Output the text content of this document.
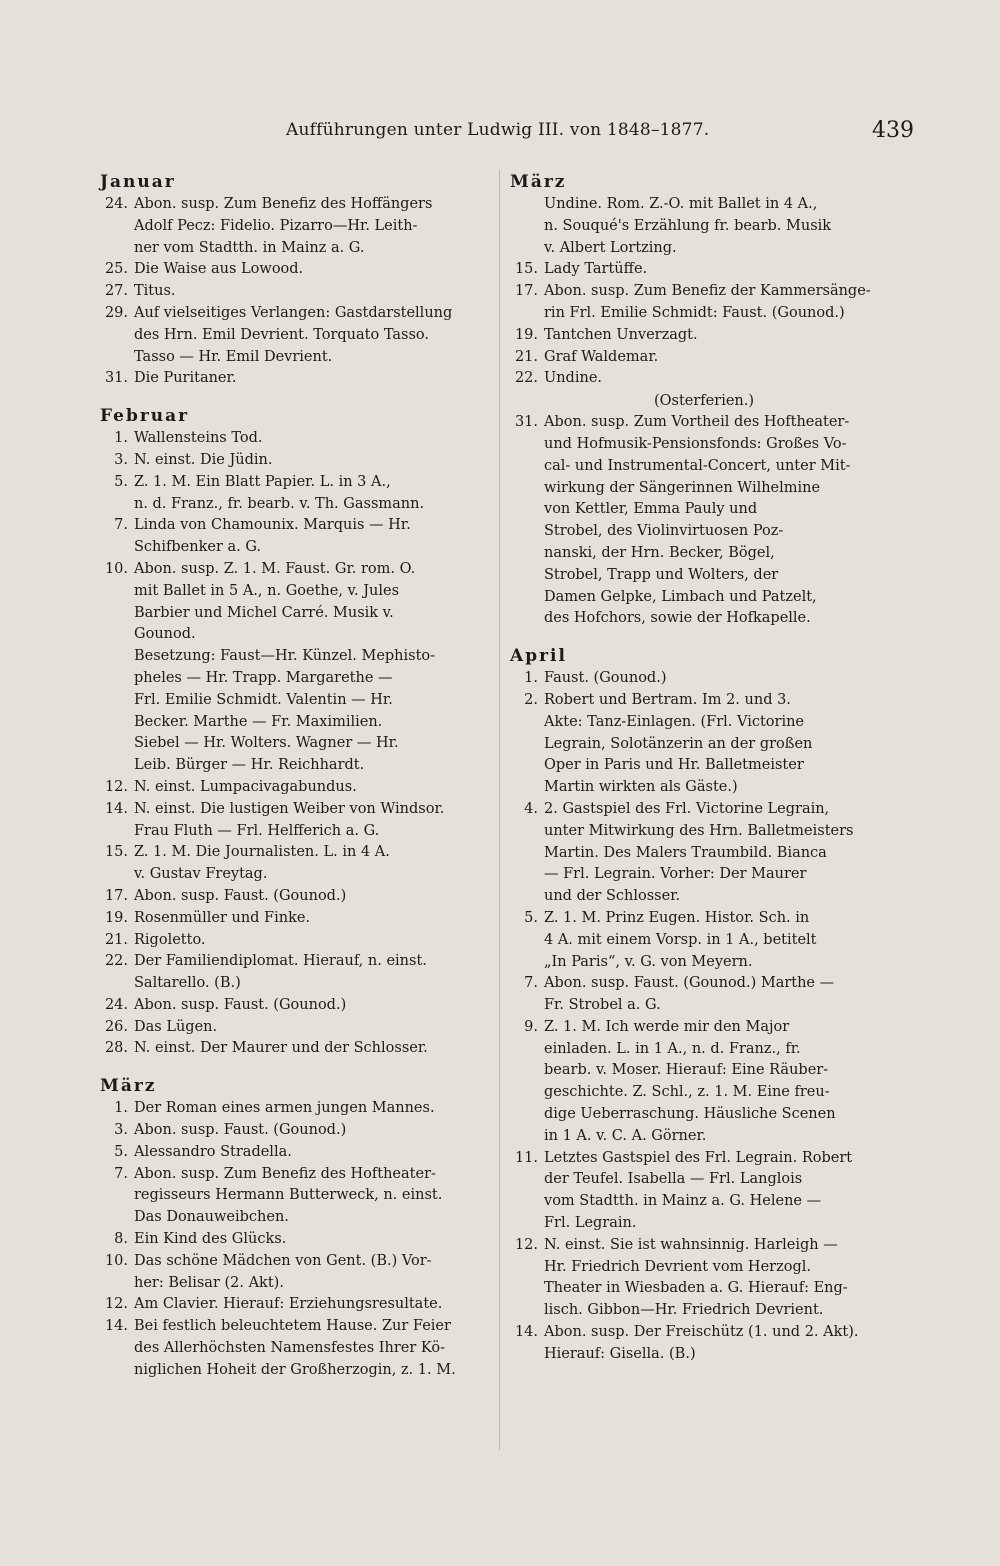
Aufführungen unter Ludwig III. von 1848–1877.	439
Januar
24. Abon. susp. Zum Benefiz des Hoffängers
Adolf Pecz: Fidelio. Pizarro—Hr. Leith-
ner vom Stadtth. in Mainz a. G.
25. Die Waise aus Lowood.
27. Titus.
29. Auf vielseitiges Verlangen: Gastdarstellung
des Hrn. Emil Devrient. Torquato Tasso.
Tasso — Hr. Emil Devrient.
31. Die Puritaner.
Februar
1. Wallensteins Tod.
3. N. einst. Die Jüdin.
5. Z. 1. M. Ein Blatt Papier. L. in 3 A.,
n. d. Franz., fr. bearb. v. Th. Gassmann.
7. Linda von Chamounix. Marquis — Hr.
Schifbenker a. G.
10. Abon. susp. Z. 1. M. Faust. Gr. rom. O.
mit Ballet in 5 A., n. Goethe, v. Jules
Barbier und Michel Carré. Musik v.
Gounod.
Besetzung: Faust—Hr. Künzel. Mephisto-
pheles — Hr. Trapp. Margarethe —
Frl. Emilie Schmidt. Valentin — Hr.
Becker. Marthe — Fr. Maximilien.
Siebel — Hr. Wolters. Wagner — Hr.
Leib. Bürger — Hr. Reichhardt.
12. N. einst. Lumpacivagabundus.
14. N. einst. Die lustigen Weiber von Windsor.
Frau Fluth — Frl. Helfferich a. G.
15. Z. 1. M. Die Journalisten. L. in 4 A.
v. Gustav Freytag.
17. Abon. susp. Faust. (Gounod.)
19. Rosenmüller und Finke.
21. Rigoletto.
22. Der Familiendiplomat. Hierauf, n. einst.
Saltarello. (B.)
24. Abon. susp. Faust. (Gounod.)
26. Das Lügen.
28. N. einst. Der Maurer und der Schlosser.
März
1. Der Roman eines armen jungen Mannes.
3. Abon. susp. Faust. (Gounod.)
5. Alessandro Stradella.
7. Abon. susp. Zum Benefiz des Hoftheater-
regisseurs Hermann Butterweck, n. einst.
Das Donauweibchen.
8. Ein Kind des Glücks.
10. Das schöne Mädchen von Gent. (B.) Vor-
her: Belisar (2. Akt).
12. Am Clavier. Hierauf: Erziehungsresultate.
14. Bei festlich beleuchtetem Hause. Zur Feier
des Allerhöchsten Namensfestes Ihrer Kö-
niglichen Hoheit der Großherzogin, z. 1. M.
März
Undine. Rom. Z.-O. mit Ballet in 4 A.,
n. Souqué's Erzählung fr. bearb. Musik
v. Albert Lortzing.
15. Lady Tartüffe.
17. Abon. susp. Zum Benefiz der Kammersänge-
rin Frl. Emilie Schmidt: Faust. (Gounod.)
19. Tantchen Unverzagt.
21. Graf Waldemar.
22. Undine.
(Osterferien.)
31. Abon. susp. Zum Vortheil des Hoftheater-
und Hofmusik-Pensionsfonds: Großes Vo-
cal- und Instrumental-Concert, unter Mit-
wirkung der Sängerinnen Wilhelmine
von Kettler, Emma Pauly und
Strobel, des Violinvirtuosen Poz-
nanski, der Hrn. Becker, Bögel,
Strobel, Trapp und Wolters, der
Damen Gelpke, Limbach und Patzelt,
des Hofchors, sowie der Hofkapelle.
April
1. Faust. (Gounod.)
2. Robert und Bertram. Im 2. und 3.
Akte: Tanz-Einlagen. (Frl. Victorine
Legrain, Solotänzerin an der großen
Oper in Paris und Hr. Balletmeister
Martin wirkten als Gäste.)
4. 2. Gastspiel des Frl. Victorine Legrain,
unter Mitwirkung des Hrn. Balletmeisters
Martin. Des Malers Traumbild. Bianca
— Frl. Legrain. Vorher: Der Maurer
und der Schlosser.
5. Z. 1. M. Prinz Eugen. Histor. Sch. in
4 A. mit einem Vorsp. in 1 A., betitelt
„In Paris“, v. G. von Meyern.
7. Abon. susp. Faust. (Gounod.) Marthe —
Fr. Strobel a. G.
9. Z. 1. M. Ich werde mir den Major
einladen. L. in 1 A., n. d. Franz., fr.
bearb. v. Moser. Hierauf: Eine Räuber-
geschichte. Z. Schl., z. 1. M. Eine freu-
dige Ueberraschung. Häusliche Scenen
in 1 A. v. C. A. Görner.
11. Letztes Gastspiel des Frl. Legrain. Robert
der Teufel. Isabella — Frl. Langlois
vom Stadtth. in Mainz a. G. Helene —
Frl. Legrain.
12. N. einst. Sie ist wahnsinnig. Harleigh —
Hr. Friedrich Devrient vom Herzogl.
Theater in Wiesbaden a. G. Hierauf: Eng-
lisch. Gibbon—Hr. Friedrich Devrient.
14. Abon. susp. Der Freischütz (1. und 2. Akt).
Hierauf: Gisella. (B.)
